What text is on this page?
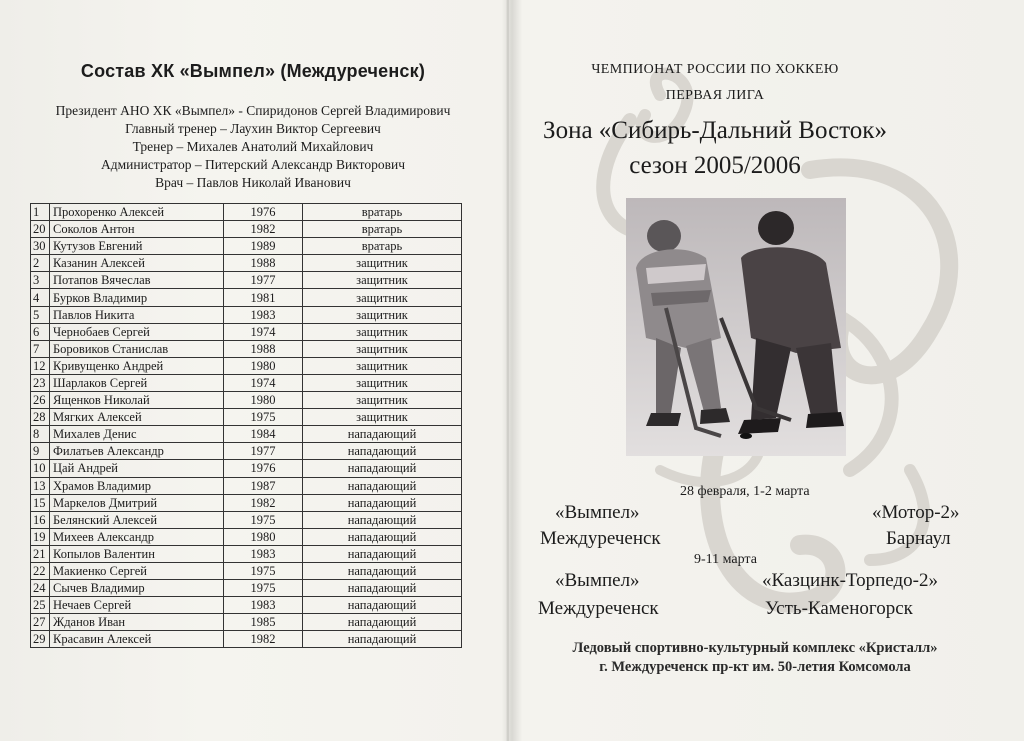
Состав ХК «Вымпел» (Междуреченск)
Президент АНО ХК «Вымпел» - Спиридонов Сергей Владимирович
Главный тренер – Лаухин Виктор Сергеевич
Тренер – Михалев Анатолий Михайлович
Администратор – Питерский Александр Викторович
Врач – Павлов Николай Иванович
1	Прохоренко Алексей	1976	вратарь
20	Соколов Антон	1982	вратарь
30	Кутузов Евгений	1989	вратарь
2	Казанин Алексей	1988	защитник
3	Потапов Вячеслав	1977	защитник
4	Бурков Владимир	1981	защитник
5	Павлов Никита	1983	защитник
6	Чернобаев Сергей	1974	защитник
7	Боровиков Станислав	1988	защитник
12	Кривущенко Андрей	1980	защитник
23	Шарлаков Сергей	1974	защитник
26	Ященков Николай	1980	защитник
28	Мягких Алексей	1975	защитник
8	Михалев Денис	1984	нападающий
9	Филатьев Александр	1977	нападающий
10	Цай Андрей	1976	нападающий
13	Храмов Владимир	1987	нападающий
15	Маркелов Дмитрий	1982	нападающий
16	Белянский Алексей	1975	нападающий
19	Михеев Александр	1980	нападающий
21	Копылов Валентин	1983	нападающий
22	Макиенко Сергей	1975	нападающий
24	Сычев Владимир	1975	нападающий
25	Нечаев Сергей	1983	нападающий
27	Жданов Иван	1985	нападающий
29	Красавин Алексей	1982	нападающий
ЧЕМПИОНАТ РОССИИ ПО ХОККЕЮ
ПЕРВАЯ ЛИГА
Зона «Сибирь-Дальний Восток»
сезон 2005/2006
28 февраля, 1-2 марта
«Вымпел»	«Мотор-2»
Междуреченск	Барнаул
9-11 марта
«Вымпел»	«Казцинк-Торпедо-2»
Междуреченск	Усть-Каменогорск
Ледовый спортивно-культурный комплекс «Кристалл»
г. Междуреченск пр-кт им. 50-летия Комсомола
